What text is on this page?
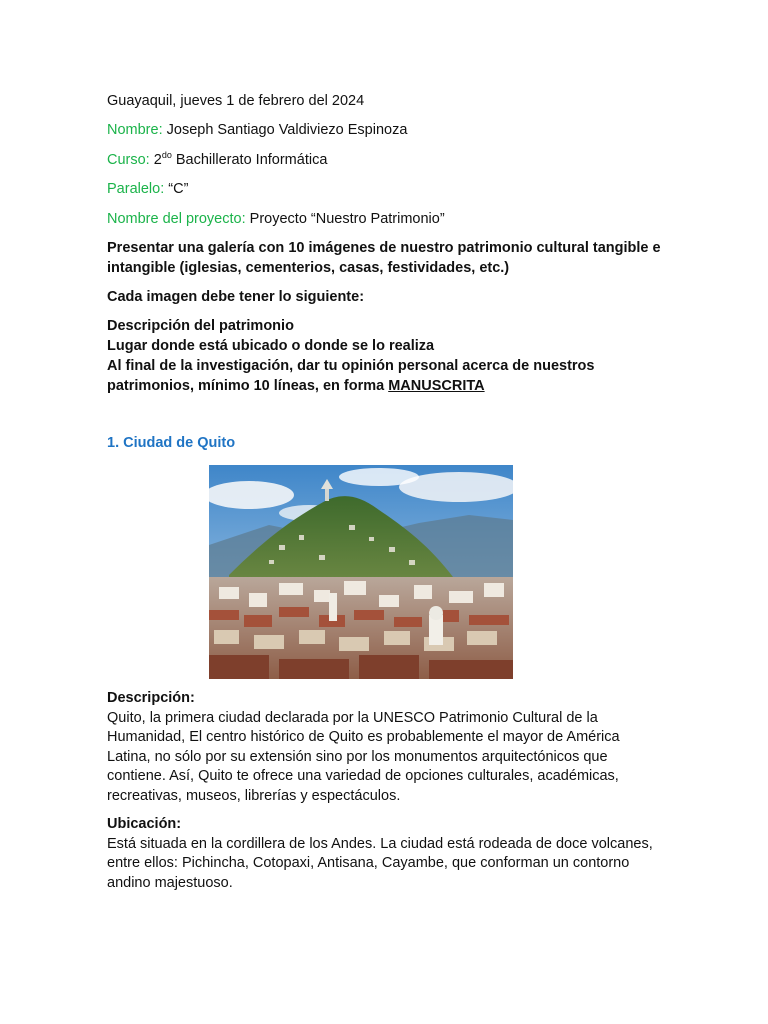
Guayaquil, jueves 1 de febrero del 2024

Nombre: Joseph Santiago Valdiviezo Espinoza

Curso: $2^{do}$ Bachillerato Informática

Paralelo: “C”

Nombre del proyecto: Proyecto “Nuestro Patrimonio”

Presentar una galería con 10 imágenes de nuestro patrimonio cultural tangible e intangible (iglesias, cementerios, casas, festividades, etc.)

Cada imagen debe tener lo siguiente:

Descripción del patrimonio

Lugar donde está ubicado o donde se lo realiza

Al final de la investigación, dar tu opinión personal acerca de nuestros patrimonios, mínimo 10 líneas, en forma MANUSCRITA

1. Ciudad de Quito

Descripción:

Quito, la primera ciudad declarada por la UNESCO Patrimonio Cultural de la Humanidad, El centro histórico de Quito es probablemente el mayor de América Latina, no sólo por su extensión sino por los monumentos arquitectónicos que contiene. Así, Quito te ofrece una variedad de opciones culturales, académicas, recreativas, museos, librerías y espectáculos.

Ubicación:

Está situada en la cordillera de los Andes. La ciudad está rodeada de doce volcanes, entre ellos: Pichincha, Cotopaxi, Antisana, Cayambe, que conforman un contorno andino majestuoso.
